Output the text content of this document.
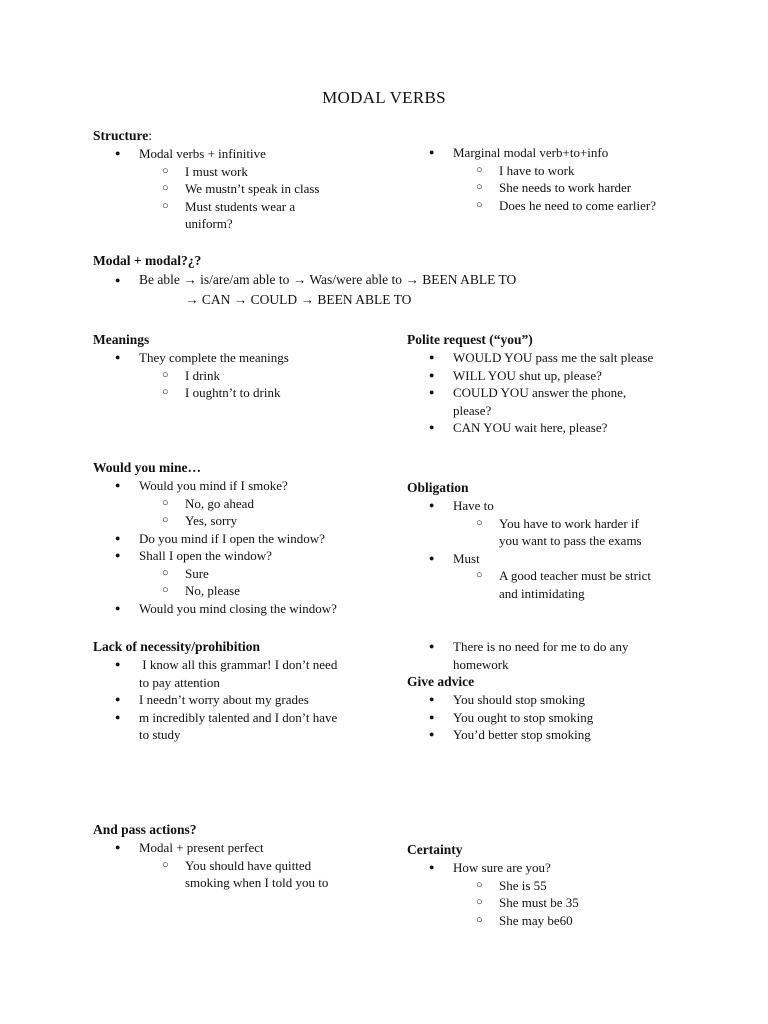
MODAL VERBS
Structure:
● Modal verbs + infinitive
○ I must work
○ We mustn’t speak in class
○ Must students wear a
uniform?
● Marginal modal verb+to+info
○ I have to work
○ She needs to work harder
○ Does he need to come earlier?
Modal + modal?¿?
● Be able → is/are/am able to → Was/were able to → BEEN ABLE TO
→ CAN → COULD → BEEN ABLE TO
Meanings
● They complete the meanings
○ I drink
○ I oughtn’t to drink
Polite request (“you”)
● WOULD YOU pass me the salt please
● WILL YOU shut up, please?
● COULD YOU answer the phone,
please?
● CAN YOU wait here, please?
Would you mine…
● Would you mind if I smoke?
○ No, go ahead
○ Yes, sorry
● Do you mind if I open the window?
● Shall I open the window?
○ Sure
○ No, please
● Would you mind closing the window?
Obligation
● Have to
○ You have to work harder if
you want to pass the exams
● Must
○ A good teacher must be strict
and intimidating
Lack of necessity/prohibition
●  I know all this grammar! I don’t need
to pay attention
● I needn’t worry about my grades
● m incredibly talented and I don’t have
to study
● There is no need for me to do any
homework
Give advice
● You should stop smoking
● You ought to stop smoking
● You’d better stop smoking
And pass actions?
● Modal + present perfect
○ You should have quitted
smoking when I told you to
Certainty
● How sure are you?
○ She is 55
○ She must be 35
○ She may be60
